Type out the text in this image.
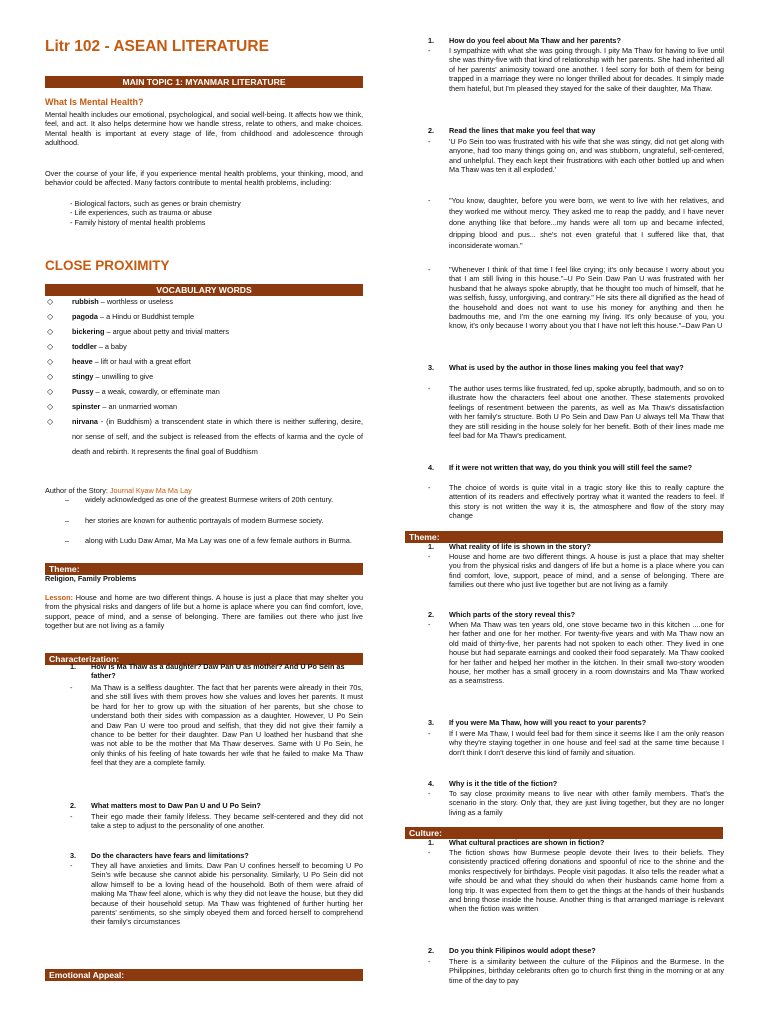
Litr 102 - ASEAN LITERATURE
MAIN TOPIC 1: MYANMAR LITERATURE
What Is Mental Health?
Mental health includes our emotional, psychological, and social well-being. It affects how we think, feel, and act. It also helps determine how we handle stress, relate to others, and make choices. Mental health is important at every stage of life, from childhood and adolescence through adulthood.
Over the course of your life, if you experience mental health problems, your thinking, mood, and behavior could be affected. Many factors contribute to mental health problems, including:
- Biological factors, such as genes or brain chemistry
- Life experiences, such as trauma or abuse
- Family history of mental health problems
CLOSE PROXIMITY
VOCABULARY WORDS
◇	rubbish – worthless or useless
◇	pagoda – a Hindu or Buddhist temple
◇	bickering – argue about petty and trivial matters
◇	toddler – a baby
◇	heave – lift or haul with a great effort
◇	stingy – unwilling to give
◇	Pussy – a weak, cowardly, or effeminate man
◇	spinster – an unmarried woman
◇	nirvana - (in Buddhism) a transcendent state in which there is neither suffering, desire, nor sense of self, and the subject is released from the effects of karma and the cycle of death and rebirth. It represents the final goal of Buddhism
Author of the Story: Journal Kyaw Ma Ma Lay
– widely acknowledged as one of the greatest Burmese writers of 20th century.
– her stories are known for authentic portrayals of modern Burmese society.
– along with Ludu Daw Amar, Ma Ma Lay was one of a few female authors in Burma.
Theme:
Religion, Family Problems
Lesson: House and home are two different things. A house is just a place that may shelter you from the physical risks and dangers of life but a home is aplace where you can find comfort, love, support, peace of mind, and a sense of belonging. There are families out there who just live together but are not living as a family
Characterization:
1. How is Ma Thaw as a daughter? Daw Pan U as mother? And U Po Sein as father?
-	Ma Thaw is a selfless daughter. The fact that her parents were already in their 70s, and she still lives with them proves how she values and loves her parents. It must be hard for her to grow up with the situation of her parents, but she chose to understand both their sides with compassion as a daughter. However, U Po Sein and Daw Pan U were too proud and selfish, that they did not give their family a chance to be better for their daughter. Daw Pan U loathed her husband that she was not able to be the mother that Ma Thaw deserves. Same with U Po Sein, he only thinks of his feeling of hate towards her wife that he failed to make Ma Thaw feel that they are a complete family.
2. What matters most to Daw Pan U and U Po Sein?
-	Their ego made their family lifeless. They became self-centered and they did not take a step to adjust to the personality of one another.
3. Do the characters have fears and limitations?
-	They all have anxieties and limits. Daw Pan U confines herself to becoming U Po Sein's wife because she cannot abide his personality. Similarly, U Po Sein did not allow himself to be a loving head of the household. Both of them were afraid of making Ma Thaw feel alone, which is why they did not leave the house, but they did because of their household setup. Ma Thaw was frightened of further hurting her parents' sentiments, so she simply obeyed them and forced herself to comprehend their family's circumstances
Emotional Appeal:
1. How do you feel about Ma Thaw and her parents?
-	I sympathize with what she was going through. I pity Ma Thaw for having to live until she was thirty-five with that kind of relationship with her parents. She had inherited all of her parents' animosity toward one another. I feel sorry for both of them for being trapped in a marriage they were no longer thrilled about for decades. It simply made them hateful, but I'm pleased they stayed for the sake of their daughter, Ma Thaw.
2. Read the lines that make you feel that way
-	'U Po Sein too was frustrated with his wife that she was stingy, did not get along with anyone, had too many things going on, and was stubborn, ungrateful, self-centered, and unhelpful. They each kept their frustrations with each other bottled up and when Ma Thaw was ten it all exploded.'
-	"You know, daughter, before you were born, we went to live with her relatives, and they worked me without mercy. They asked me to reap the paddy, and I have never done anything like that before...my hands were all torn up and became infected, dripping blood and pus... she's not even grateful that I suffered like that, that inconsiderate woman."
-	"Whenever I think of that time I feel like crying; it's only because I worry about you that I am still living in this house."–U Po Sein Daw Pan U was frustrated with her husband that he always spoke abruptly, that he thought too much of himself, that he was selfish, fussy, unforgiving, and contrary." He sits there all dignified as the head of the household and does not want to use his money for anything and then he badmouths me, and I'm the one earning my living. It's only because of you, you know, it's only because I worry about you that I have not left this house."–Daw Pan U
3. What is used by the author in those lines making you feel that way?
-	The author uses terms like frustrated, fed up, spoke abruptly, badmouth, and so on to illustrate how the characters feel about one another. These statements provoked feelings of resentment between the parents, as well as Ma Thaw's dissatisfaction with her family's structure. Both U Po Sein and Daw Pan U always tell Ma Thaw that they are still residing in the house solely for her benefit. Both of their lines made me feel bad for Ma Thaw's predicament.
4. If it were not written that way, do you think you will still feel the same?
-	The choice of words is quite vital in a tragic story like this to really capture the attention of its readers and effectively portray what it wanted the readers to feel. If this story is not written the way it is, the atmosphere and flow of the story may change
Theme:
1. What reality of life is shown in the story?
-	House and home are two different things. A house is just a place that may shelter you from the physical risks and dangers of life but a home is a place where you can find comfort, love, support, peace of mind, and a sense of belonging. There are families out there who just live together but are not living as a family
2. Which parts of the story reveal this?
-	When Ma Thaw was ten years old, one stove became two in this kitchen ....one for her father and one for her mother. For twenty-five years and with Ma Thaw now an old maid of thirty-five, her parents had not spoken to each other. They lived in one house but had separate earnings and cooked their food separately. Ma Thaw cooked for her father and helped her mother in the kitchen. In their small two-story wooden house, her mother has a small grocery in a room downstairs and Ma Thaw worked as a seamstress.
3. If you were Ma Thaw, how will you react to your parents?
-	If I were Ma Thaw, I would feel bad for them since it seems like I am the only reason why they're staying together in one house and feel sad at the same time because I don't think I don't deserve this kind of family and situation.
4. Why is it the title of the fiction?
-	To say close proximity means to live near with other family members. That's the scenario in the story. Only that, they are just living together, but they are no longer living as a family
Culture:
1. What cultural practices are shown in fiction?
-	The fiction shows how Burmese people devote their lives to their beliefs. They consistently practiced offering donations and spoonful of rice to the shrine and the monks respectively for birthdays. People visit pagodas. It also tells the reader what a wife should be and what they should do when their husbands came home from a long trip. It was expected from them to get the things at the hands of their husbands and bring those inside the house. Another thing is that arranged marriage is relevant when the fiction was written
2. Do you think Filipinos would adopt these?
-	There is a similarity between the culture of the Filipinos and the Burmese. In the Philippines, birthday celebrants often go to church first thing in the morning or at any time of the day to pay
